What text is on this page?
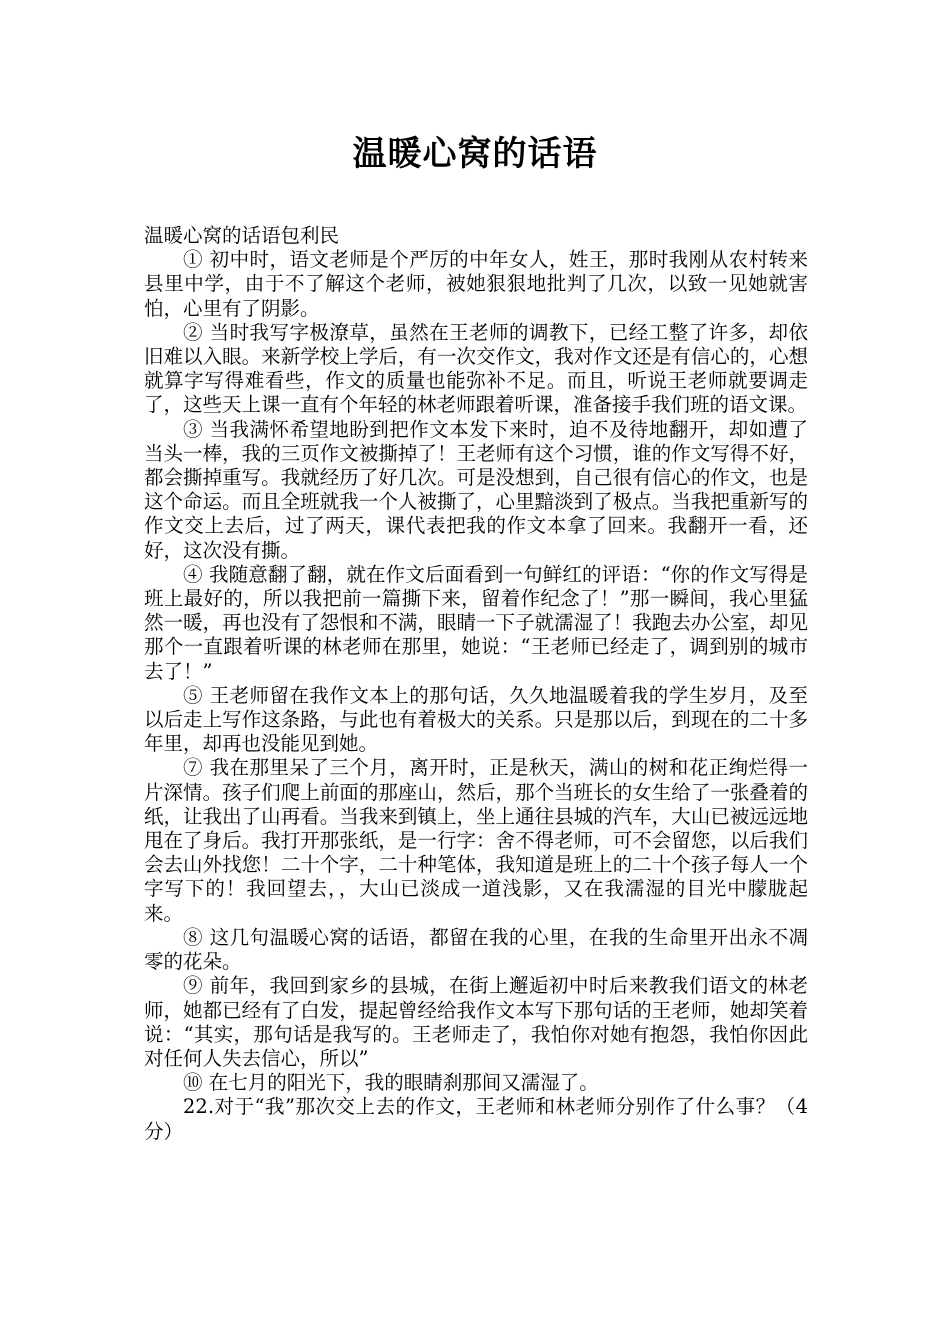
温暖心窝的话语

温暖心窝的话语包利民

① 初中时，语文老师是个严厉的中年女人，姓王，那时我刚从农村转来县里中学，由于不了解这个老师，被她狠狠地批判了几次，以致一见她就害怕，心里有了阴影。

② 当时我写字极潦草，虽然在王老师的调教下，已经工整了许多，却依旧难以入眼。来新学校上学后，有一次交作文，我对作文还是有信心的，心想就算字写得难看些，作文的质量也能弥补不足。而且，听说王老师就要调走了，这些天上课一直有个年轻的林老师跟着听课，准备接手我们班的语文课。

③ 当我满怀希望地盼到把作文本发下来时，迫不及待地翻开，却如遭了当头一棒，我的三页作文被撕掉了！王老师有这个习惯，谁的作文写得不好，都会撕掉重写。我就经历了好几次。可是没想到，自己很有信心的作文，也是这个命运。而且全班就我一个人被撕了，心里黯淡到了极点。当我把重新写的作文交上去后，过了两天，课代表把我的作文本拿了回来。我翻开一看，还好，这次没有撕。

④ 我随意翻了翻，就在作文后面看到一句鲜红的评语：“你的作文写得是班上最好的，所以我把前一篇撕下来，留着作纪念了！”那一瞬间，我心里猛然一暖，再也没有了怨恨和不满，眼睛一下子就濡湿了！我跑去办公室，却见那个一直跟着听课的林老师在那里，她说：“王老师已经走了，调到别的城市去了！”

⑤ 王老师留在我作文本上的那句话，久久地温暖着我的学生岁月，及至以后走上写作这条路，与此也有着极大的关系。只是那以后，到现在的二十多年里，却再也没能见到她。

⑦ 我在那里呆了三个月，离开时，正是秋天，满山的树和花正绚烂得一片深情。孩子们爬上前面的那座山，然后，那个当班长的女生给了一张叠着的纸，让我出了山再看。当我来到镇上，坐上通往县城的汽车，大山已被远远地甩在了身后。我打开那张纸，是一行字：舍不得老师，可不会留您，以后我们会去山外找您！二十个字，二十种笔体，我知道是班上的二十个孩子每人一个字写下的！我回望去，，大山已淡成一道浅影，又在我濡湿的目光中朦胧起来。

⑧ 这几句温暖心窝的话语，都留在我的心里，在我的生命里开出永不凋零的花朵。

⑨ 前年，我回到家乡的县城，在街上邂逅初中时后来教我们语文的林老师，她都已经有了白发，提起曾经给我作文本写下那句话的王老师，她却笑着说：“其实，那句话是我写的。王老师走了，我怕你对她有抱怨，我怕你因此对任何人失去信心，所以”

⑩ 在七月的阳光下，我的眼睛刹那间又濡湿了。

22.对于“我”那次交上去的作文，王老师和林老师分别作了什么事？（4分）
